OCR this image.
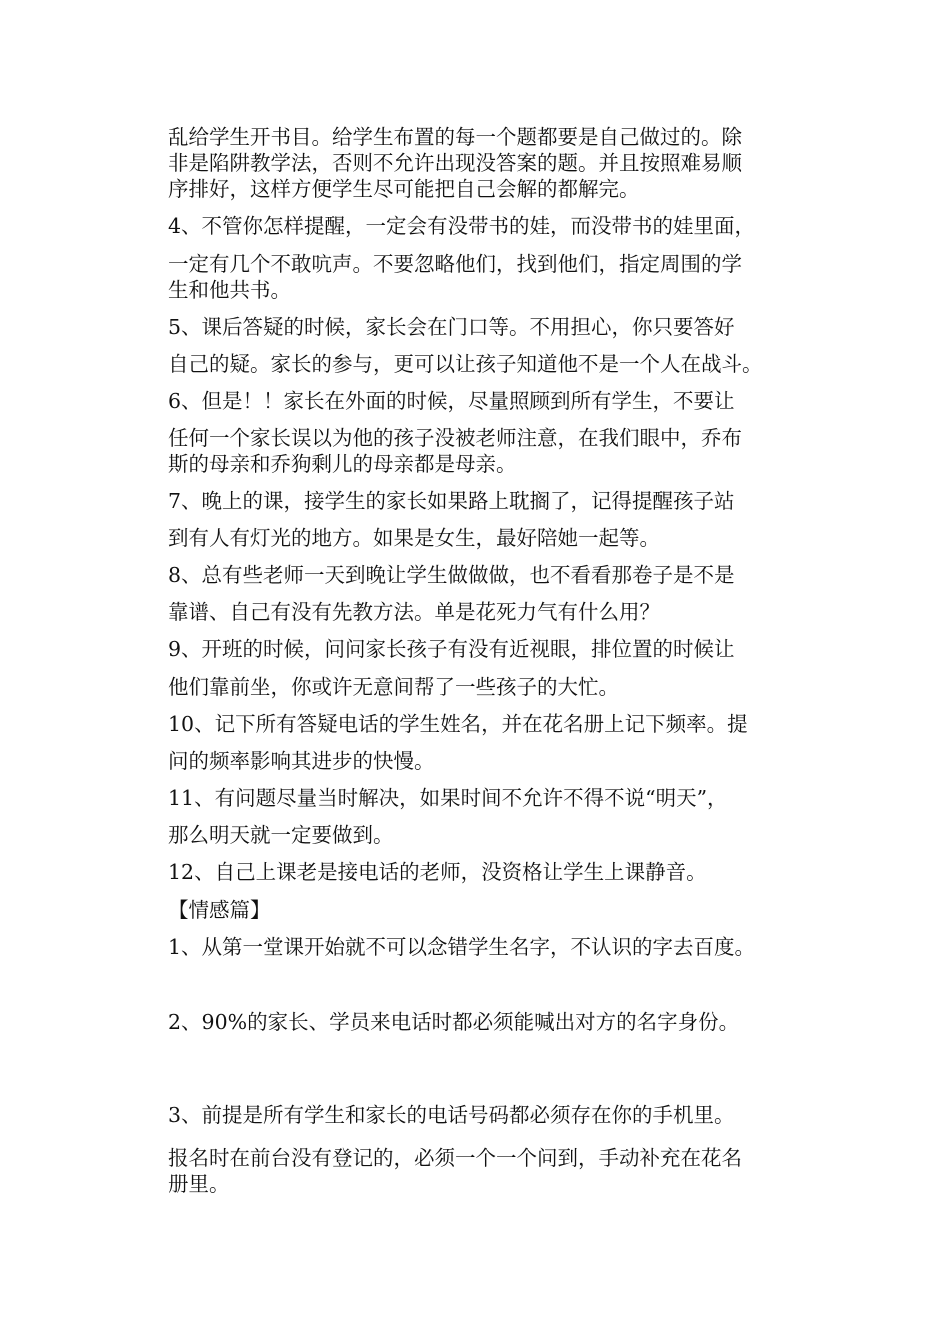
乱给学生开书目。给学生布置的每一个题都要是自己做过的。除
非是陷阱教学法，否则不允许出现没答案的题。并且按照难易顺
序排好，这样方便学生尽可能把自己会解的都解完。
4、不管你怎样提醒，一定会有没带书的娃，而没带书的娃里面，
一定有几个不敢吭声。不要忽略他们，找到他们，指定周围的学
生和他共书。
5、课后答疑的时候，家长会在门口等。不用担心，你只要答好
自己的疑。家长的参与，更可以让孩子知道他不是一个人在战斗。
6、但是！！家长在外面的时候，尽量照顾到所有学生，不要让
任何一个家长误以为他的孩子没被老师注意，在我们眼中，乔布
斯的母亲和乔狗剩儿的母亲都是母亲。
7、晚上的课，接学生的家长如果路上耽搁了，记得提醒孩子站
到有人有灯光的地方。如果是女生，最好陪她一起等。
8、总有些老师一天到晚让学生做做做，也不看看那卷子是不是
靠谱、自己有没有先教方法。单是花死力气有什么用？
9、开班的时候，问问家长孩子有没有近视眼，排位置的时候让
他们靠前坐，你或许无意间帮了一些孩子的大忙。
10、记下所有答疑电话的学生姓名，并在花名册上记下频率。提
问的频率影响其进步的快慢。
11、有问题尽量当时解决，如果时间不允许不得不说“明天”，
那么明天就一定要做到。
12、自己上课老是接电话的老师，没资格让学生上课静音。
【情感篇】
1、从第一堂课开始就不可以念错学生名字，不认识的字去百度。
2、90%的家长、学员来电话时都必须能喊出对方的名字身份。
3、前提是所有学生和家长的电话号码都必须存在你的手机里。
报名时在前台没有登记的，必须一个一个问到，手动补充在花名
册里。
